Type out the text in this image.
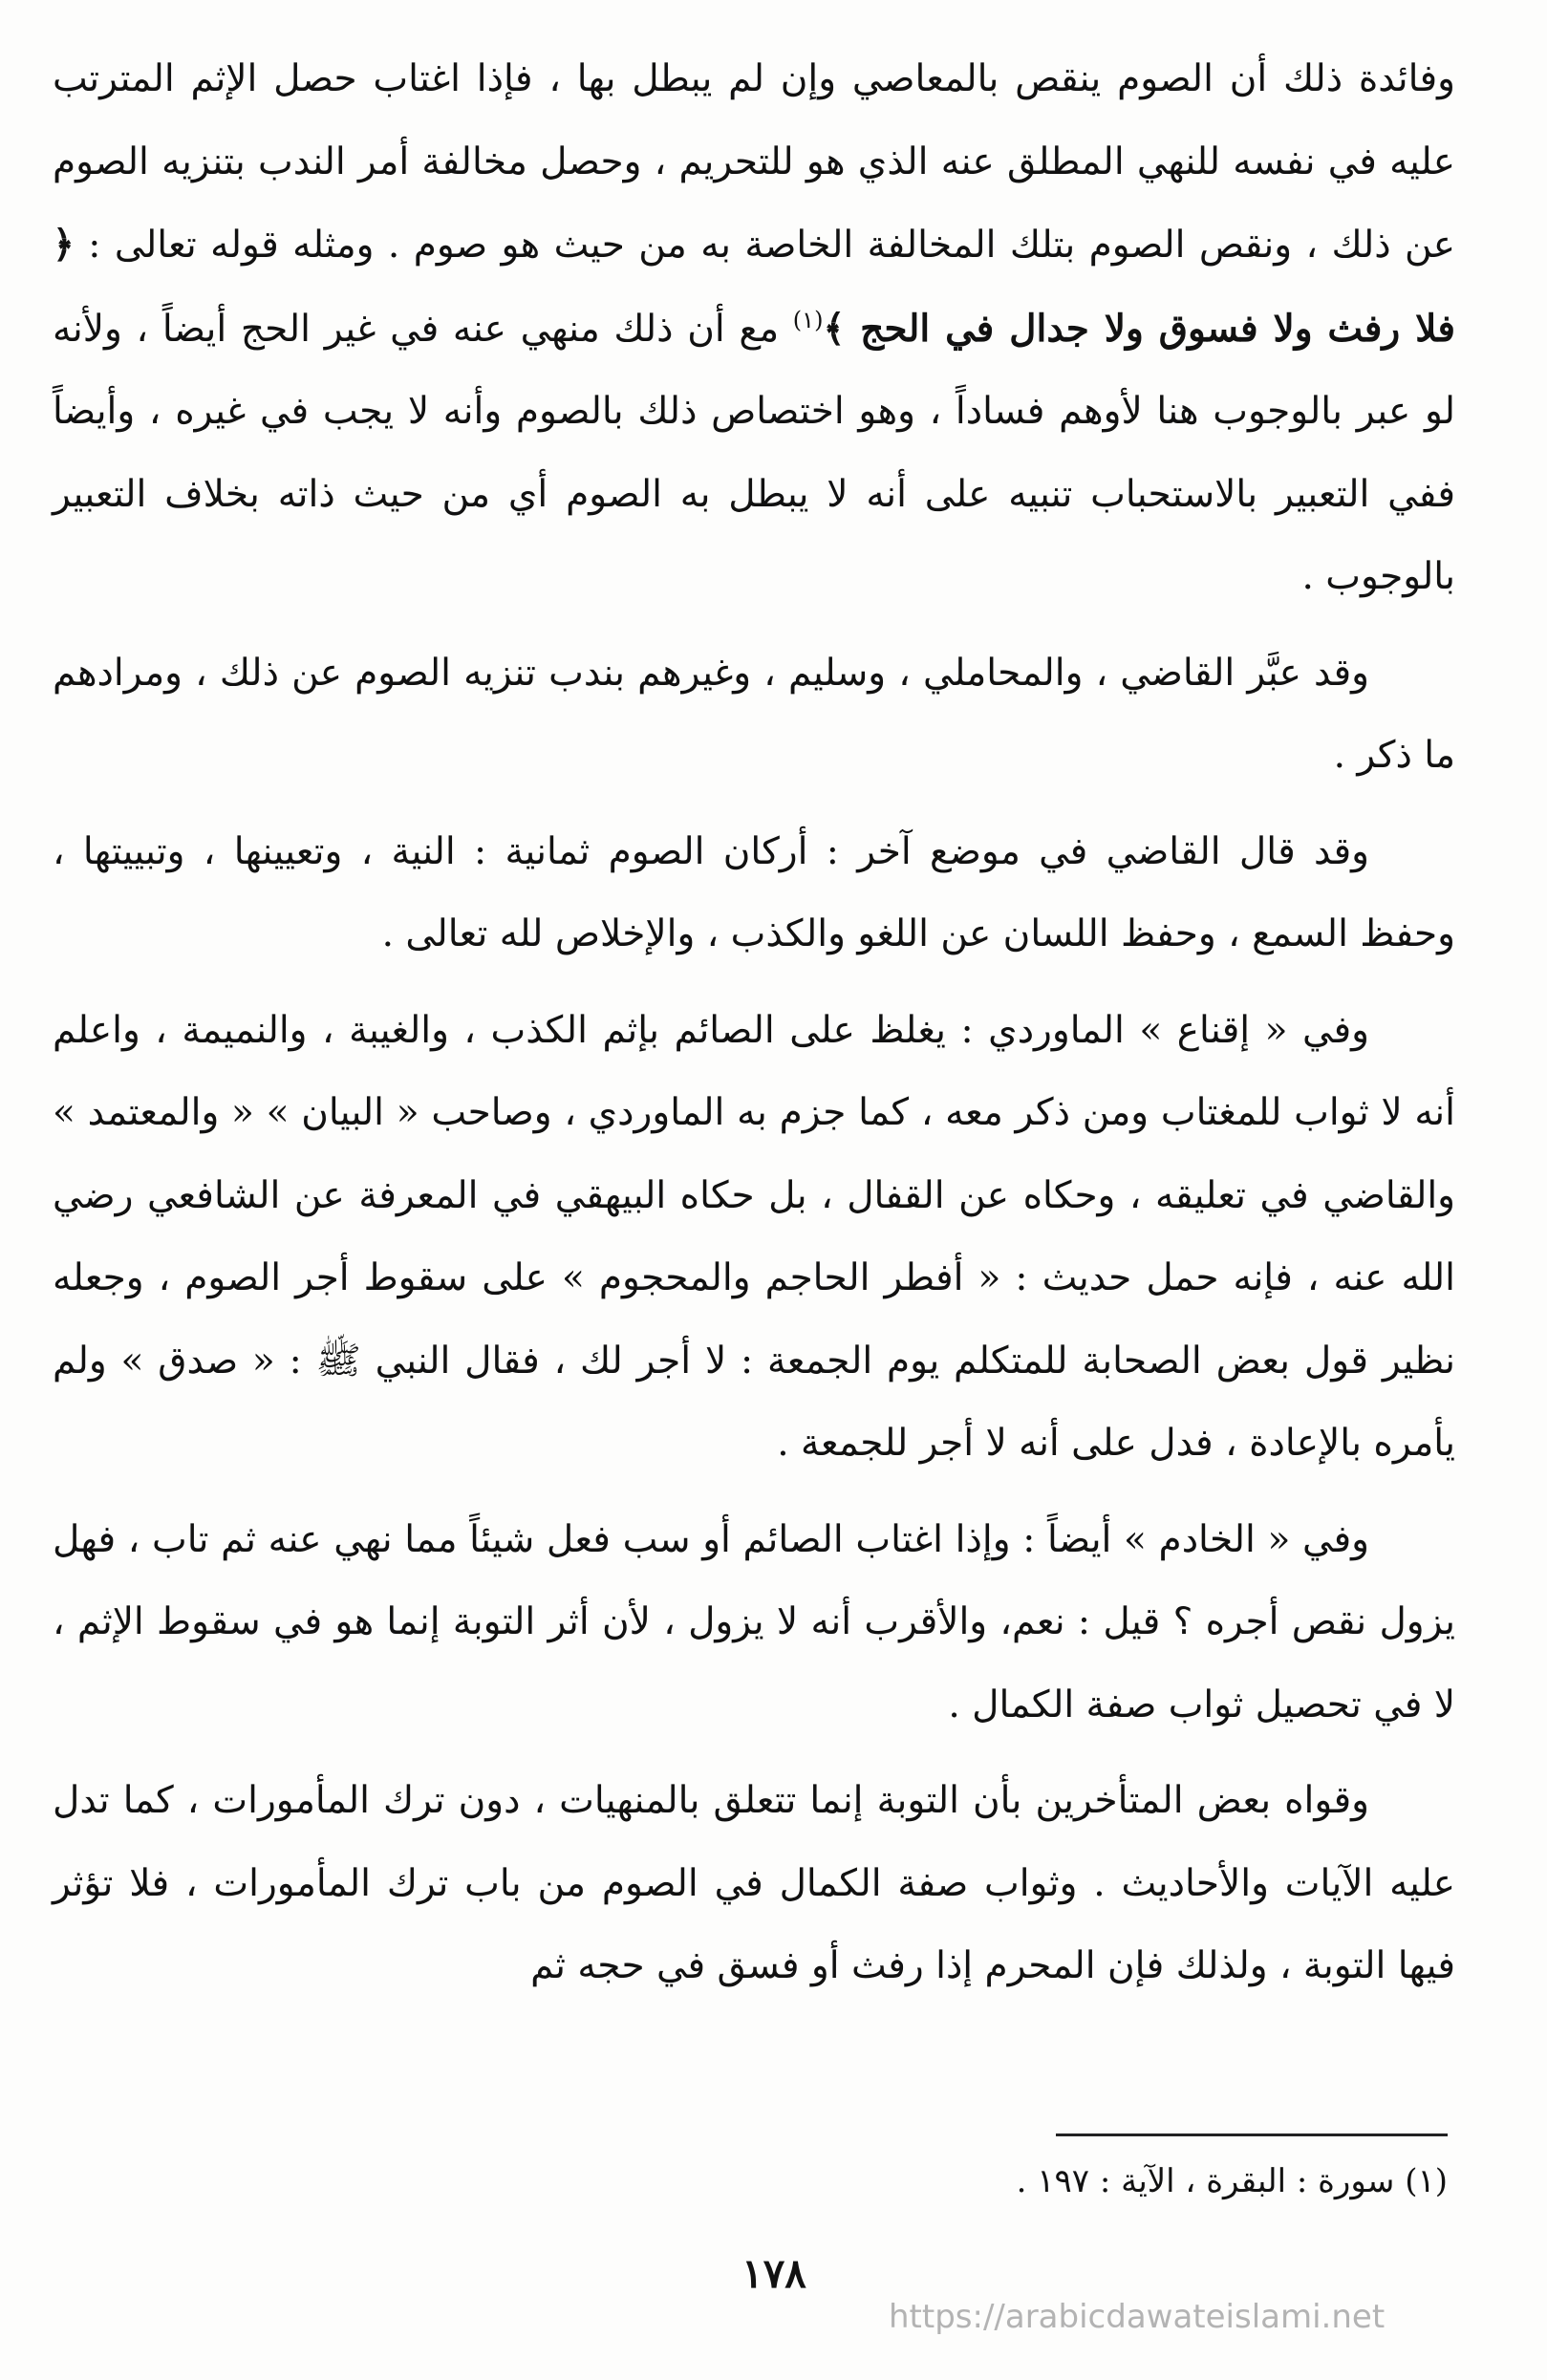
وفائدة ذلك أن الصوم ينقص بالمعاصي وإن لم يبطل بها ، فإذا اغتاب حصل الإثم المترتب عليه في نفسه للنهي المطلق عنه الذي هو للتحريم ، وحصل مخالفة أمر الندب بتنزيه الصوم عن ذلك ، ونقص الصوم بتلك المخالفة الخاصة به من حيث هو صوم . ومثله قوله تعالى : ﴿ فلا رفث ولا فسوق ولا جدال في الحج ﴾$^{(١)}$ مع أن ذلك منهي عنه في غير الحج أيضاً ، ولأنه لو عبر بالوجوب هنا لأوهم فساداً ، وهو اختصاص ذلك بالصوم وأنه لا يجب في غيره ، وأيضاً ففي التعبير بالاستحباب تنبيه على أنه لا يبطل به الصوم أي من حيث ذاته بخلاف التعبير بالوجوب .

وقد عبَّر القاضي ، والمحاملي ، وسليم ، وغيرهم بندب تنزيه الصوم عن ذلك ، ومرادهم ما ذكر .

وقد قال القاضي في موضع آخر : أركان الصوم ثمانية : النية ، وتعيينها ، وتبييتها ، وحفظ السمع ، وحفظ اللسان عن اللغو والكذب ، والإخلاص لله تعالى .

وفي « إقناع » الماوردي : يغلظ على الصائم بإثم الكذب ، والغيبة ، والنميمة ، واعلم أنه لا ثواب للمغتاب ومن ذكر معه ، كما جزم به الماوردي ، وصاحب « البيان » « والمعتمد » والقاضي في تعليقه ، وحكاه عن القفال ، بل حكاه البيهقي في المعرفة عن الشافعي رضي الله عنه ، فإنه حمل حديث : « أفطر الحاجم والمحجوم » على سقوط أجر الصوم ، وجعله نظير قول بعض الصحابة للمتكلم يوم الجمعة : لا أجر لك ، فقال النبي ﷺ : « صدق » ولم يأمره بالإعادة ، فدل على أنه لا أجر للجمعة .

وفي « الخادم » أيضاً : وإذا اغتاب الصائم أو سب فعل شيئاً مما نهي عنه ثم تاب ، فهل يزول نقص أجره ؟ قيل : نعم، والأقرب أنه لا يزول ، لأن أثر التوبة إنما هو في سقوط الإثم ، لا في تحصيل ثواب صفة الكمال .

وقواه بعض المتأخرين بأن التوبة إنما تتعلق بالمنهيات ، دون ترك المأمورات ، كما تدل عليه الآيات والأحاديث . وثواب صفة الكمال في الصوم من باب ترك المأمورات ، فلا تؤثر فيها التوبة ، ولذلك فإن المحرم إذا رفث أو فسق في حجه ثم

(١) سورة : البقرة ، الآية : ١٩٧ .
١٧٨
https://arabicdawateislami.net
